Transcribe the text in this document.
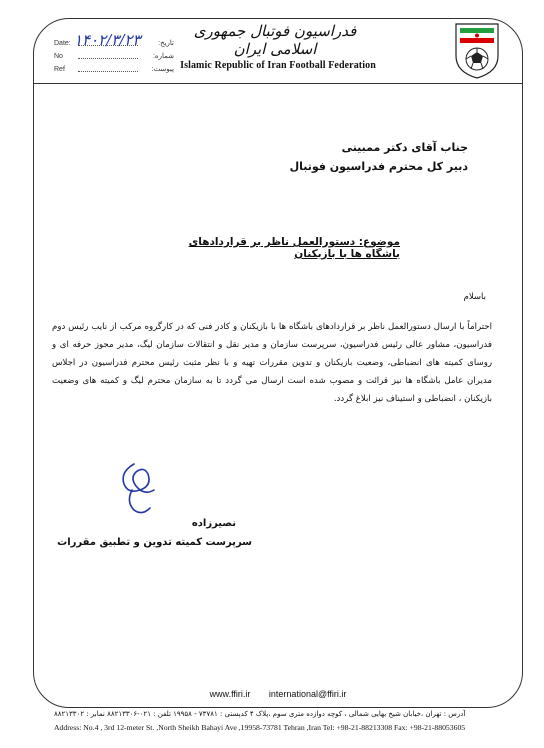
فدراسیون فوتبال جمهوری اسلامی ایران
Islamic Republic of Iran Football Federation
Date:	تاریخ:
No	شماره:
Ref	پیوست:
۱۴۰۲/۳/۲۳
جناب آقای دکتر ممبینی
دبیر کل محترم فدراسیون فوتبال
موضوع: دستورالعمل ناظر بر قراردادهای باشگاه ها با بازیکنان
باسلام
احتراماً با ارسال دستورالعمل ناظر بر قراردادهای باشگاه ها با بازیکنان و کادر فنی که در کارگروه مرکب از نایب رئیس دوم فدراسیون، مشاور عالی رئیس فدراسیون، سرپرست سازمان و مدیر نقل و انتقالات سازمان لیگ، مدیر مجوز حرفه ای و روسای کمیته های انضباطی، وضعیت بازیکنان و تدوین مقررات تهیه و با نظر مثبت رئیس محترم فدراسیون در اجلاس مدیران عامل باشگاه ها نیز قرائت و مصوب شده است ارسال می گردد تا به سازمان محترم لیگ و کمیته های وضعیت بازیکنان ، انضباطی و استیناف نیز ابلاغ گردد.
نصیرزاده
سرپرست کمیته تدوین و تطبیق مقررات
www.ffiri.ir international@ffiri.ir
آدرس : تهران ،خیابان شیخ بهایی شمالی ، کوچه دوازده متری سوم ،پلاک ۴ کدپستی : ۷۳۷۸۱ - ۱۹۹۵۸ تلفن : ۰۲۱-۸۸۲۱۳۳۰۶ نمابر : ۸۸۲۱۳۳۰۲
Address: No.4 , 3rd 12-meter St. ,North Sheikh Bahayi Ave ,19958-73781 Tehran ,Iran Tel: +98-21-88213308 Fax: +98-21-88053605
